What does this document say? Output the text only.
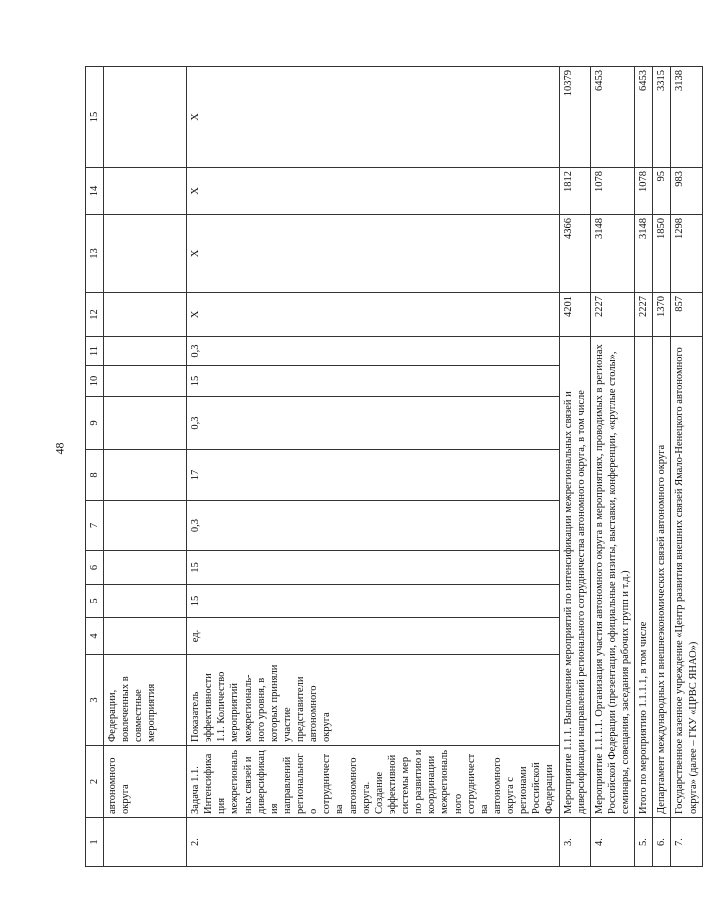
48
1	2	3	4	5	6	7	8	9	10	11	12	13	14	15
	автономного округа	Федерации, вовлеченных в совместные мероприятия												
2.	Задача 1.1. Интенсификация межрегиональных связей и диверсификация направлений регионального сотрудничества автономного округа. Создание эффективной системы мер по развитию и координации межрегионального сотрудничества автономного округа с регионами Российской Федерации	Показатель эффективности 1.1. Количество мероприятий межрегиональ-ного уровня, в которых приняли участие представители автономного округа	ед.	15	15	0,3	17	0,3	15	0,3	Х	Х	Х	Х
3.	Мероприятие 1.1.1. Выполнение мероприятий по интенсификации межрегиональных связей и диверсификации направлений регионального сотрудничества автономного округа, в том числе										4201	4366	1812	10379
4.	Мероприятие 1.1.1.1. Организация участия автономного округа в мероприятиях, проводимых в регионах Российской Федерации (презентации, официальные визиты, выставки, конференции, «круглые столы», семинары, совещания, заседания рабочих групп и т.д.)										2227	3148	1078	6453
5.	Итого по мероприятию 1.1.1.1, в том числе										2227	3148	1078	6453
6.	Департамент международных и внешнеэкономических связей автономного округа										1370	1850	95	3315
7.	Государственное казенное учреждение «Центр развития внешних связей Ямало-Ненецкого автономного округа» (далее – ГКУ «ЦРВС ЯНАО»)										857	1298	983	3138
